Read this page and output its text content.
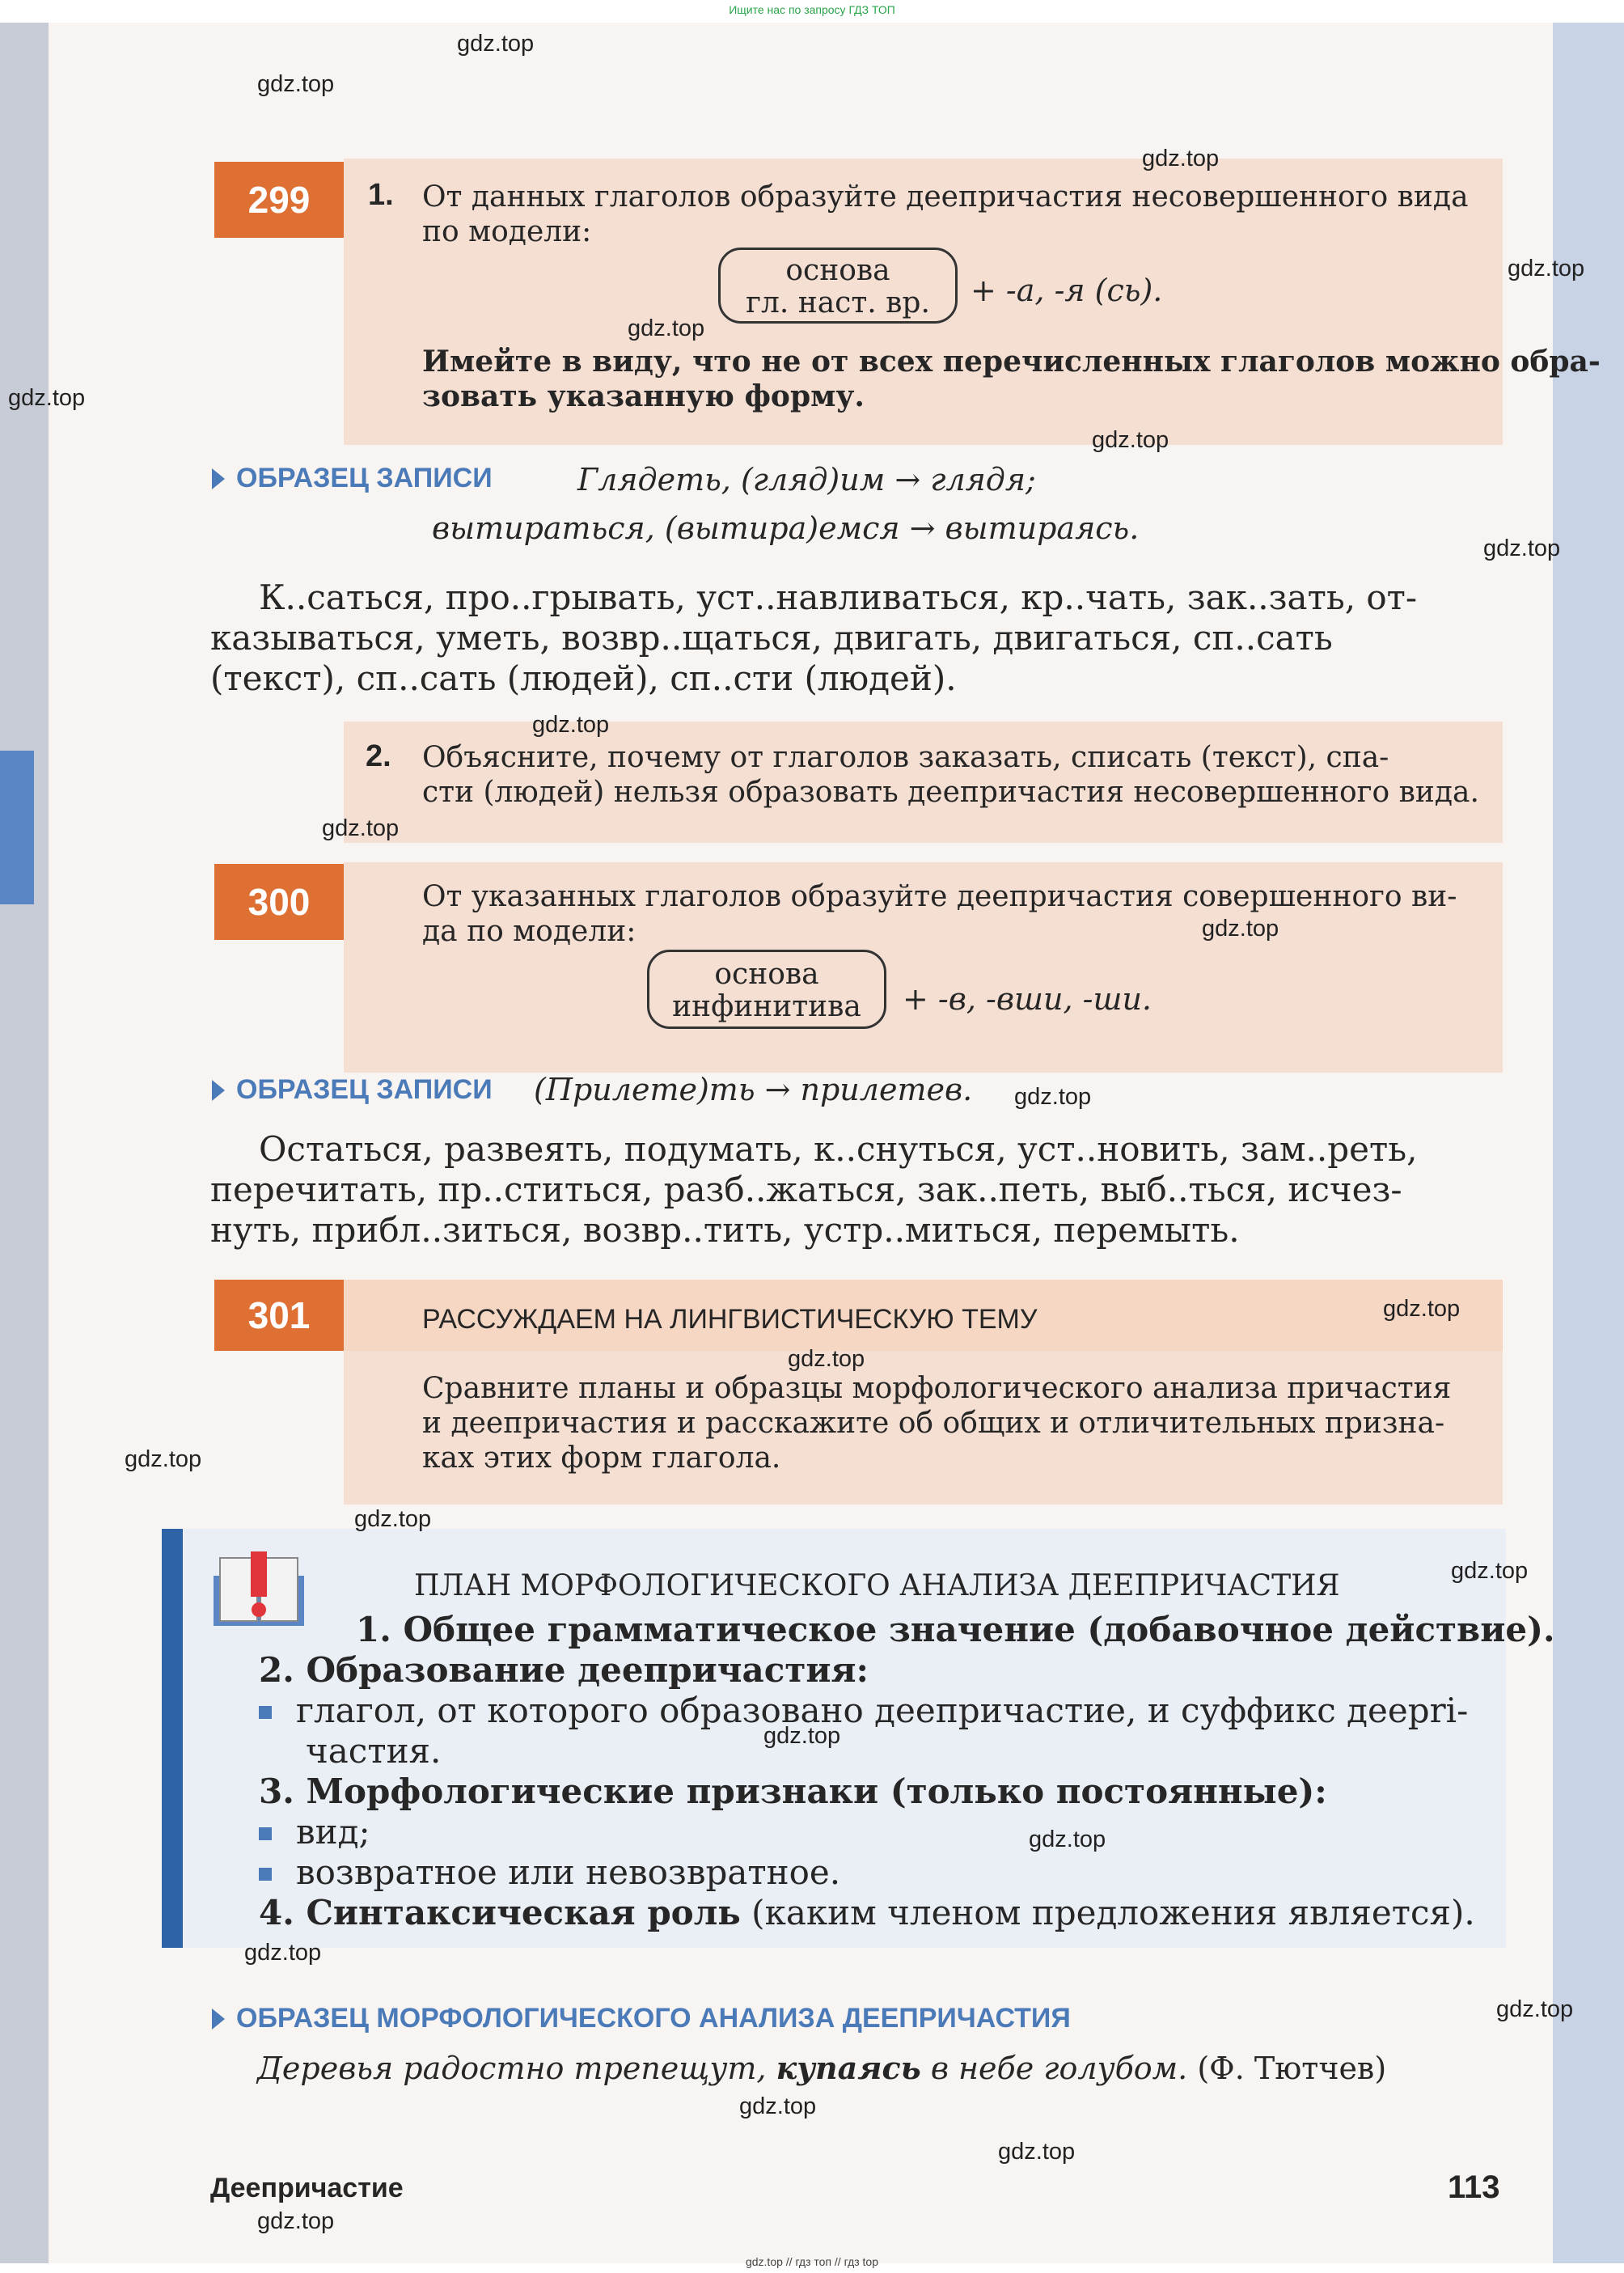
Ищите нас по запросу ГДЗ ТОП
299	1. От данных глаголов образуйте деепричастия несовершенного вида
по модели:
основа
гл. наст. вр.	+ -а, -я (сь).
Имейте в виду, что не от всех перечисленных глаголов можно обра-
зовать указанную форму.
ОБРАЗЕЦ ЗАПИСИ	Глядеть, (гляд)им → глядя;
вытираться, (вытира)емся → вытираясь.
К..саться, про..грывать, уст..навливаться, кр..чать, зак..зать, от-
казываться, уметь, возвр..щаться, двигать, двигаться, сп..сать
(текст), сп..сать (людей), сп..сти (людей).
2. Объясните, почему от глаголов заказать, списать (текст), спа-
сти (людей) нельзя образовать деепричастия несовершенного вида.
300	От указанных глаголов образуйте деепричастия совершенного ви-
да по модели:
основа
инфинитива	+ -в, -вши, -ши.
ОБРАЗЕЦ ЗАПИСИ (Прилете)ть → прилетев.
Остаться, развеять, подумать, к..снуться, уст..новить, зам..реть,
перечитать, пр..ститься, разб..жаться, зак..петь, выб..ться, исчез-
нуть, прибл..зиться, возвр..тить, устр..миться, перемыть.
301	РАССУЖДАЕМ НА ЛИНГВИСТИЧЕСКУЮ ТЕМУ
Сравните планы и образцы морфологического анализа причастия
и деепричастия и расскажите об общих и отличительных призна-
ках этих форм глагола.
ПЛАН МОРФОЛОГИЧЕСКОГО АНАЛИЗА ДЕЕПРИЧАСТИЯ
1. Общее грамматическое значение (добавочное действие).
2. Образование деепричастия:
глагол, от которого образовано деепричастие, и суффикс дееpri-
частия.
3. Морфологические признаки (только постоянные):
вид;
возвратное или невозвратное.
4. Синтаксическая роль (каким членом предложения является).
ОБРАЗЕЦ МОРФОЛОГИЧЕСКОГО АНАЛИЗА ДЕЕПРИЧАСТИЯ
Деревья радостно трепещут, купаясь в небе голубом. (Ф. Тютчев)
Деепричастие	113
gdz.top
gdz.top
gdz.top
gdz.top
gdz.top
gdz.top
gdz.top
gdz.top
gdz.top
gdz.top
gdz.top
gdz.top
gdz.top
gdz.top
gdz.top
gdz.top
gdz.top
gdz.top
gdz.top
gdz.top
gdz.top
gdz.top
gdz.top
gdz.top
gdz.top // гдз топ // гдз top
